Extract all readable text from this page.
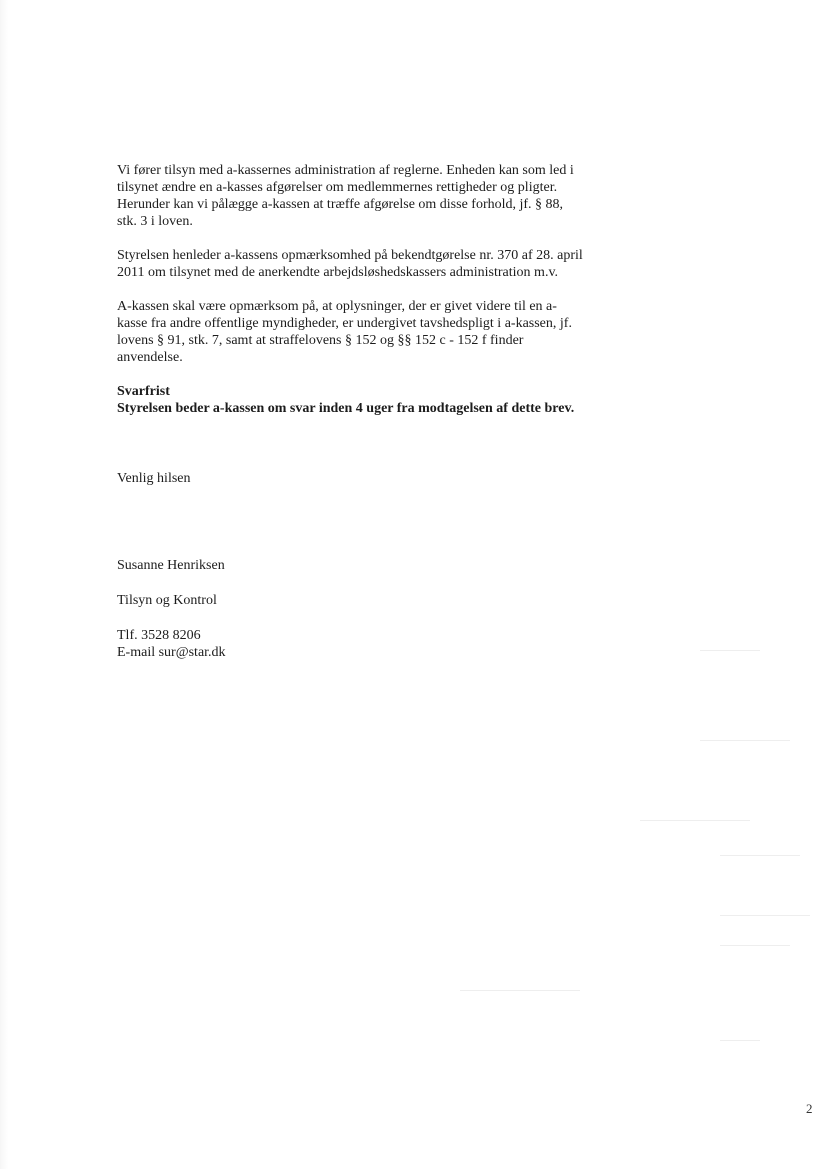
Vi fører tilsyn med a-kassernes administration af reglerne. Enheden kan som led i
tilsynet ændre en a-kasses afgørelser om medlemmernes rettigheder og pligter.
Herunder kan vi pålægge a-kassen at træffe afgørelse om disse forhold, jf. § 88,
stk. 3 i loven.

Styrelsen henleder a-kassens opmærksomhed på bekendtgørelse nr. 370 af 28. april
2011 om tilsynet med de anerkendte arbejdsløshedskassers administration m.v.

A-kassen skal være opmærksom på, at oplysninger, der er givet videre til en a-
kasse fra andre offentlige myndigheder, er undergivet tavshedspligt i a-kassen, jf.
lovens § 91, stk. 7, samt at straffelovens § 152 og §§ 152 c - 152 f finder
anvendelse.

Svarfrist
Styrelsen beder a-kassen om svar inden 4 uger fra modtagelsen af dette brev.

Venlig hilsen

Susanne Henriksen

Tilsyn og Kontrol

Tlf. 3528 8206

E-mail sur@star.dk

2
